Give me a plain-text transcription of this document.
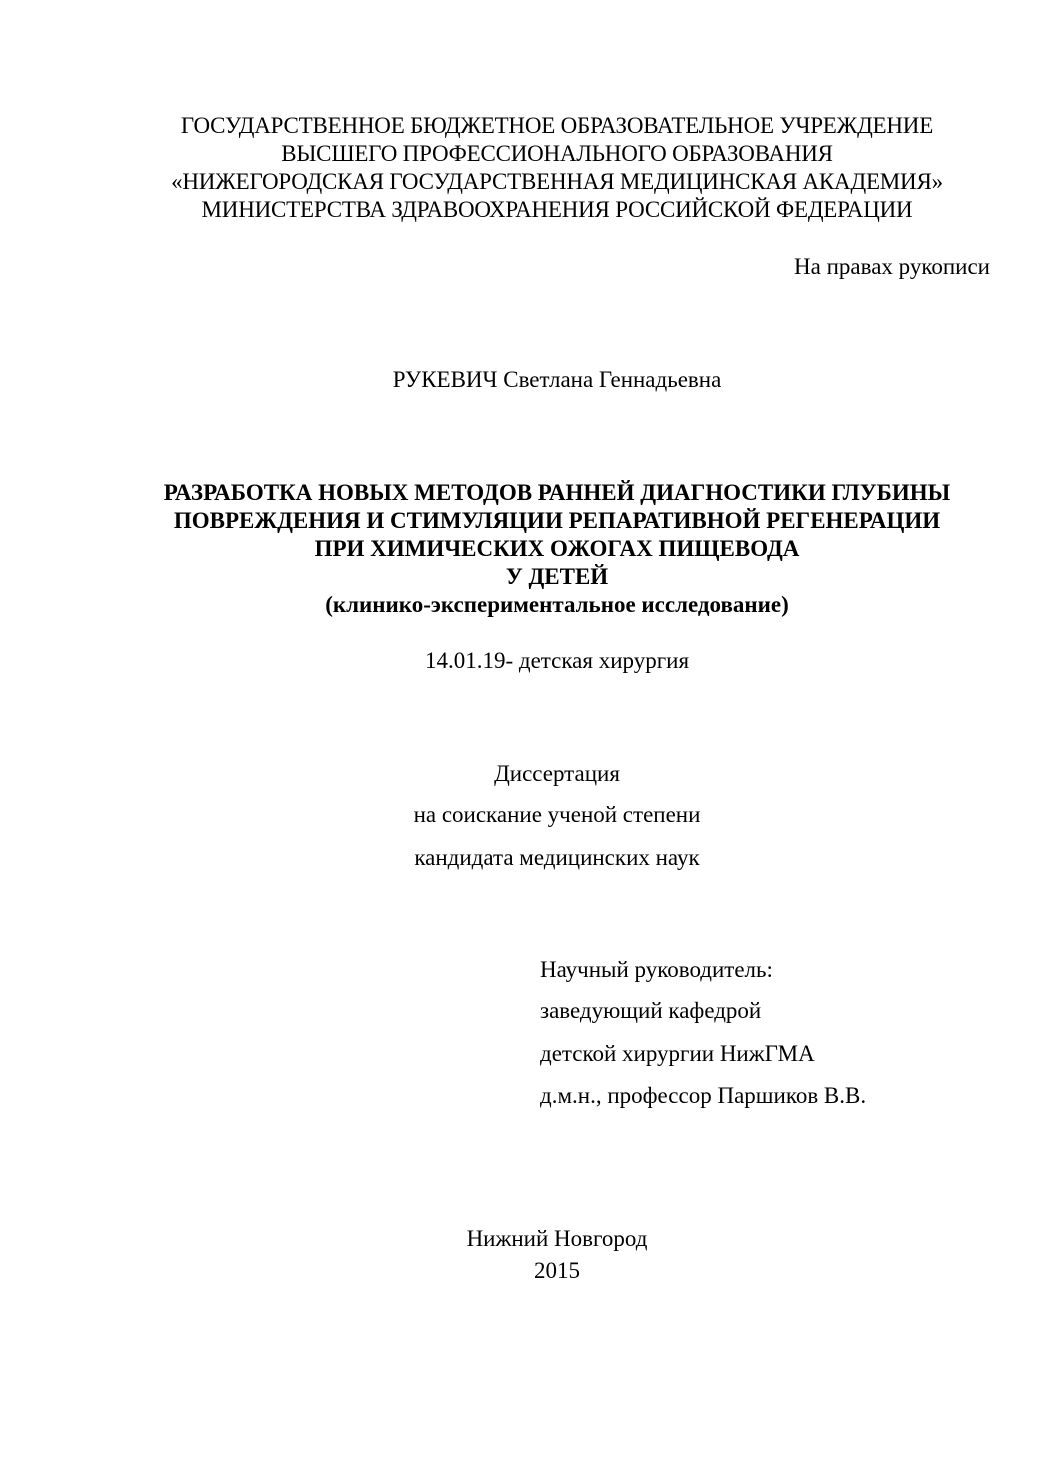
ГОСУДАРСТВЕННОЕ БЮДЖЕТНОЕ ОБРАЗОВАТЕЛЬНОЕ УЧРЕЖДЕНИЕ
ВЫСШЕГО ПРОФЕССИОНАЛЬНОГО ОБРАЗОВАНИЯ
«НИЖЕГОРОДСКАЯ ГОСУДАРСТВЕННАЯ МЕДИЦИНСКАЯ АКАДЕМИЯ»
МИНИСТЕРСТВА ЗДРАВООХРАНЕНИЯ РОССИЙСКОЙ ФЕДЕРАЦИИ
На правах рукописи
РУКЕВИЧ Светлана Геннадьевна
РАЗРАБОТКА НОВЫХ МЕТОДОВ РАННЕЙ ДИАГНОСТИКИ ГЛУБИНЫ
ПОВРЕЖДЕНИЯ И СТИМУЛЯЦИИ РЕПАРАТИВНОЙ РЕГЕНЕРАЦИИ
ПРИ ХИМИЧЕСКИХ ОЖОГАХ ПИЩЕВОДА
У ДЕТЕЙ
(клинико-экспериментальное исследование)
14.01.19- детская хирургия
Диссертация
на соискание ученой степени
кандидата медицинских наук
Научный руководитель:
заведующий кафедрой
детской хирургии НижГМА
д.м.н., профессор Паршиков В.В.
Нижний Новгород
2015
